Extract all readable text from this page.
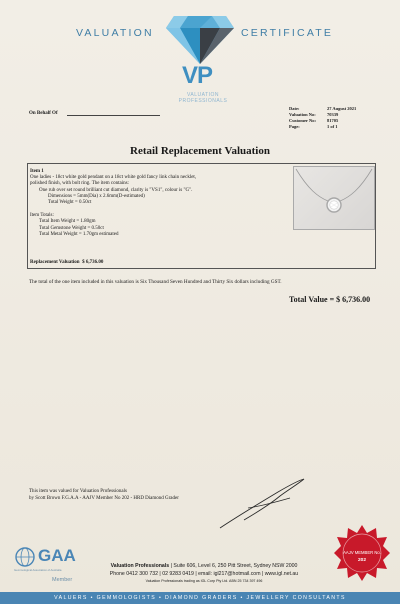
VALUATION	CERTIFICATE
VP
VALUATION PROFESSIONALS
On Behalf Of
Date:	27 August 2021
Valuation No:	70339
Customer No:	81705
Page:	1 of 1
Retail Replacement Valuation
Item 1
One ladies - 18ct white gold pendant on a 18ct white gold fancy link chain necklet,
polished finish, with bolt ring. The item contains:
One rub over set round brilliant cut diamond, clarity is "VS1", colour is "G".
Dimensions = 5mm(Dia) x 2.6mm(D-estimated)
Total Weight = 0.50ct
Item Totals:
Total Item Weight = 1.80gm
Total Gemstone Weight = 0.50ct
Total Metal Weight = 1.70gm estimated
Replacement Valuation $ 6,736.00
The total of the one item included in this valuation is Six Thousand Seven Hundred and Thirty Six dollars including GST.
Total Value = $ 6,736.00
This item was valued for Valuation Professionals
by Scott Brown F.G.A.A - AAJV Member No 202 - HRD Diamond Grader
GAA
Gemmological Association of Australia
Member
Valuation Professionals | Suite 606, Level 6, 250 Pitt Street, Sydney NSW 2000
Phone 0412 300 732 | 02 9283 0419 | email: igl217@hotmail.com | www.igl.net.au
Valuation Professionals trading as IGL Corp Pty Ltd. ABN 25 734 397 496
AAJV MEMBER No.
202
VALUERS • GEMMOLOGISTS • DIAMOND GRADERS • JEWELLERY CONSULTANTS
